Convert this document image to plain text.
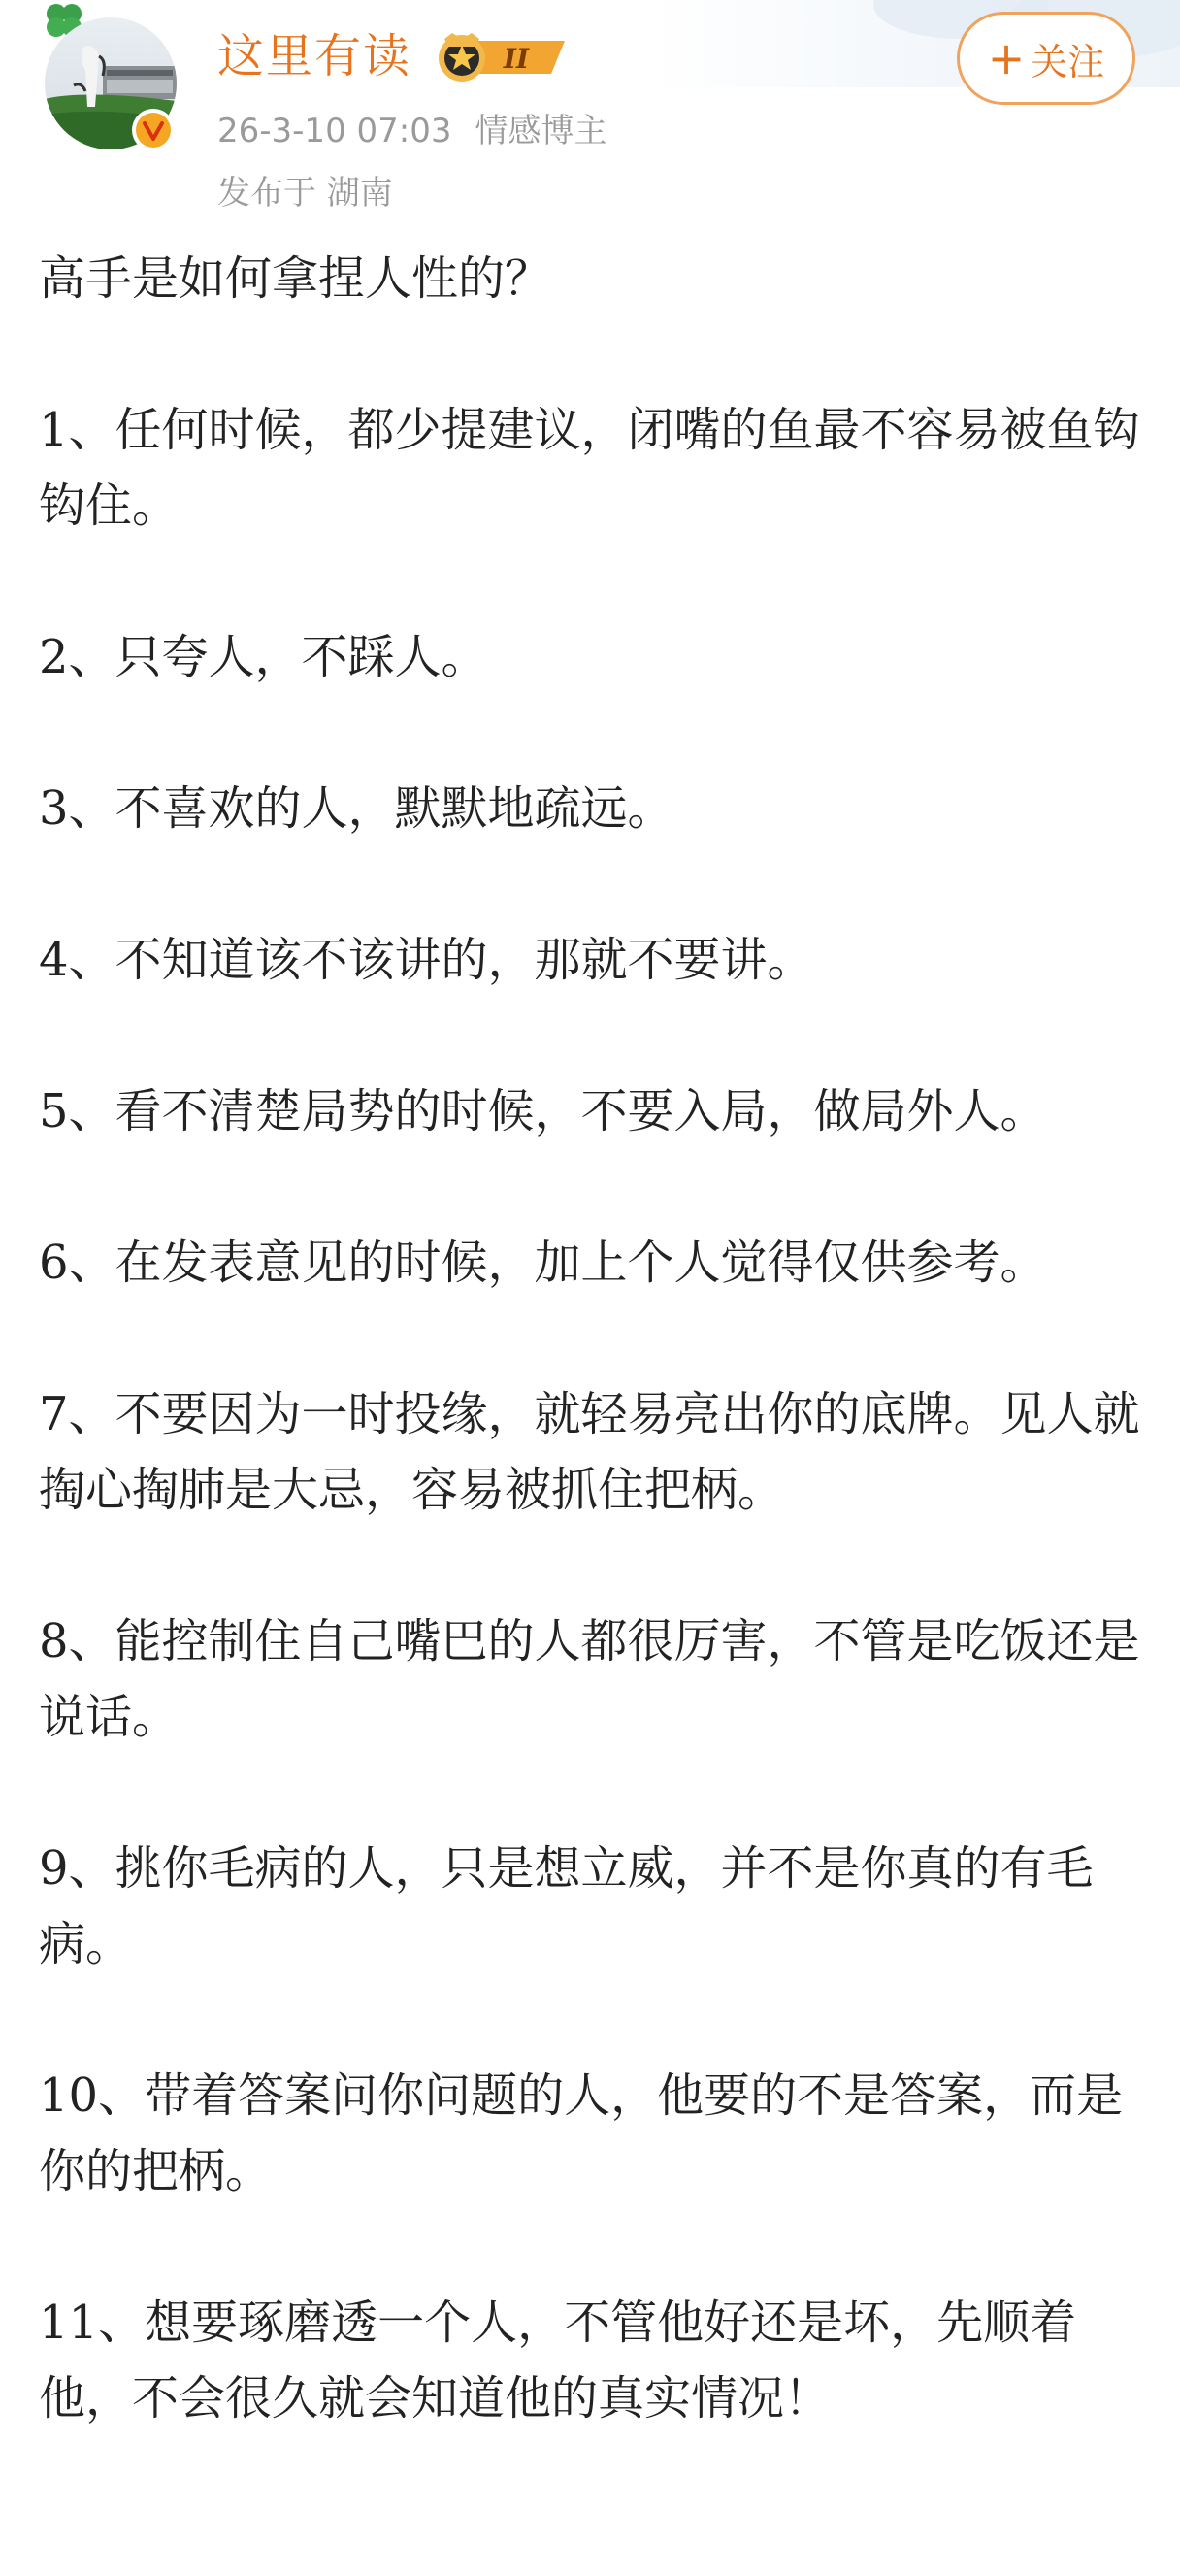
这里有读	II
26-3-10 07:03 情感博主
发布于 湖南
+ 关注

高手是如何拿捏人性的？

1、任何时候，都少提建议，闭嘴的鱼最不容易被鱼钩钩住。

2、只夸人，不踩人。

3、不喜欢的人，默默地疏远。

4、不知道该不该讲的，那就不要讲。

5、看不清楚局势的时候，不要入局，做局外人。

6、在发表意见的时候，加上个人觉得仅供参考。

7、不要因为一时投缘，就轻易亮出你的底牌。见人就掏心掏肺是大忌，容易被抓住把柄。

8、能控制住自己嘴巴的人都很厉害，不管是吃饭还是说话。

9、挑你毛病的人，只是想立威，并不是你真的有毛病。

10、带着答案问你问题的人，他要的不是答案，而是你的把柄。

11、想要琢磨透一个人，不管他好还是坏，先顺着他，不会很久就会知道他的真实情况！
